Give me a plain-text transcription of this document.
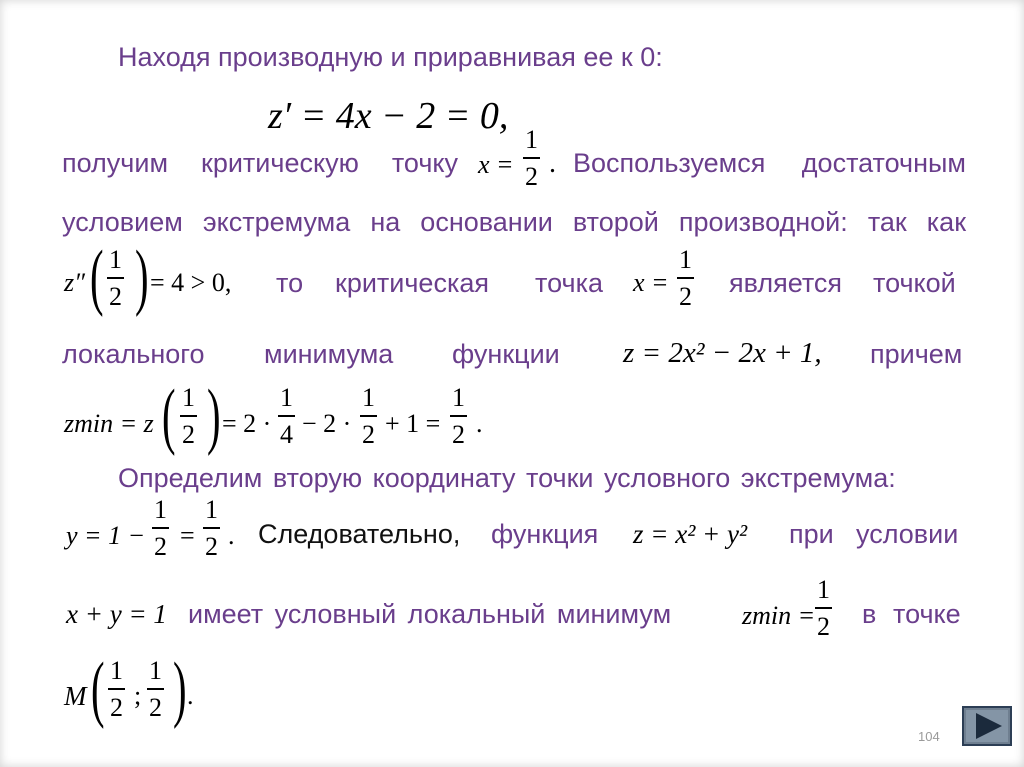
Находя производную и приравнивая ее к 0:
z′ = 4x − 2 = 0,
получим критическую точку x =
1
2 . Воспользуемся достаточным
условием экстремума на основании второй производной: так как
z″ ( 1
2 ) = 4 > 0, то критическая точка x =
1
2 является точкой
локального минимума функции z = 2x² − 2x + 1, причем
zmin = z ( 1
2 ) = 2 ·
1
4 − 2 ·
1
2 + 1 =
1
2 .
Определим вторую координату точки условного экстремума:
y = 1 −
1
2 =
1
2 . Следовательно, функция z = x² + y² при условии
x + y = 1 имеет условный локальный минимум	zmin =
1
2 в точке
M ( 1
2 ;
1
2 ) .
104
